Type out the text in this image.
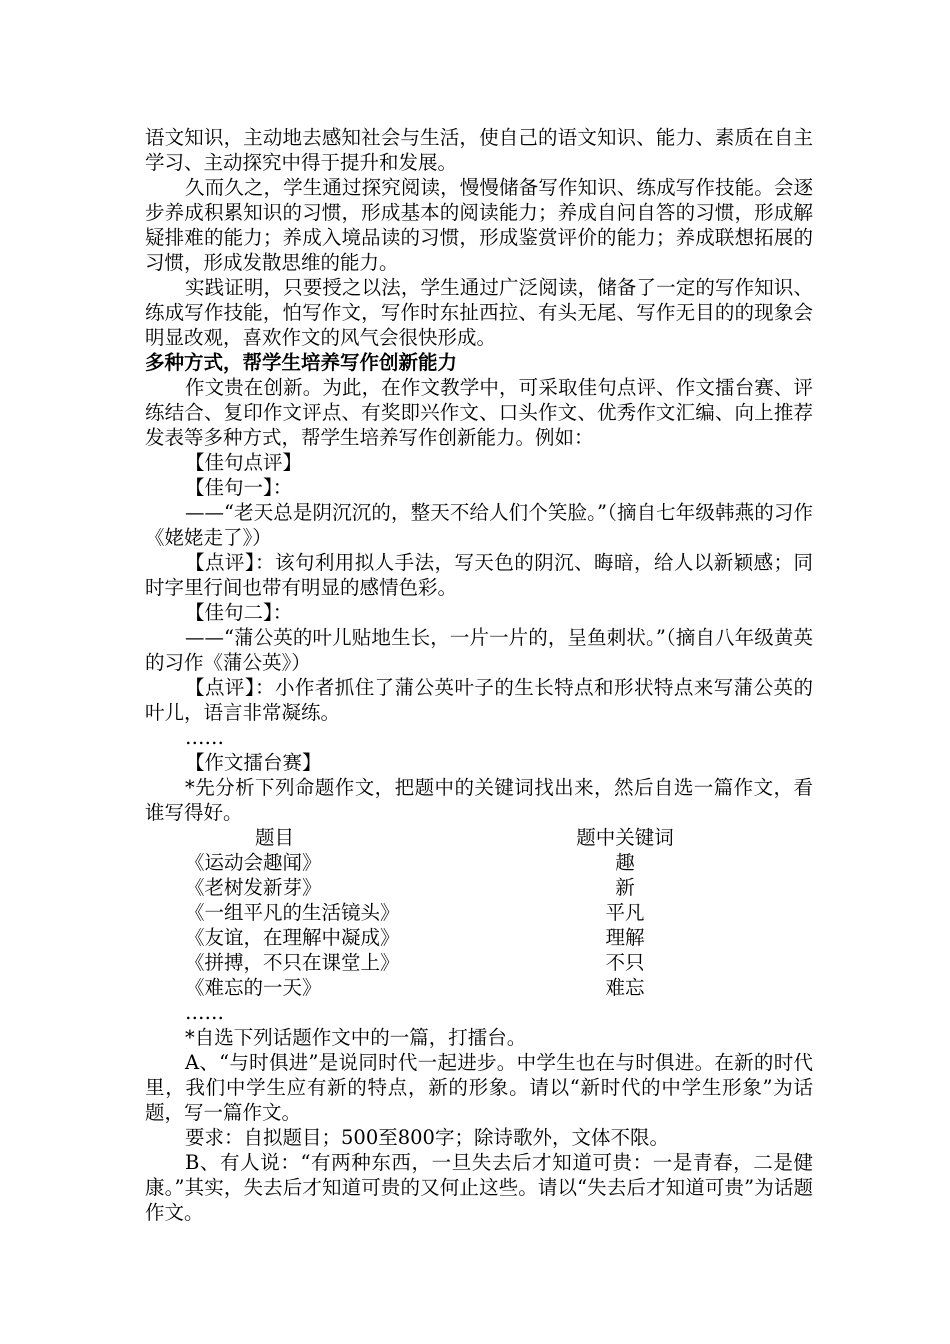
语文知识，主动地去感知社会与生活，使自己的语文知识、能力、素质在自主学习、主动探究中得于提升和发展。

久而久之，学生通过探究阅读，慢慢储备写作知识、练成写作技能。会逐步养成积累知识的习惯，形成基本的阅读能力；养成自问自答的习惯，形成解疑排难的能力；养成入境品读的习惯，形成鉴赏评价的能力；养成联想拓展的习惯，形成发散思维的能力。

实践证明，只要授之以法，学生通过广泛阅读，储备了一定的写作知识、练成写作技能，怕写作文，写作时东扯西拉、有头无尾、写作无目的的现象会明显改观，喜欢作文的风气会很快形成。

多种方式，帮学生培养写作创新能力

作文贵在创新。为此，在作文教学中，可采取佳句点评、作文擂台赛、评练结合、复印作文评点、有奖即兴作文、口头作文、优秀作文汇编、向上推荐发表等多种方式，帮学生培养写作创新能力。例如：

【佳句点评】

【佳句一】：

——“老天总是阴沉沉的，整天不给人们个笑脸。”（摘自七年级韩燕的习作《姥姥走了》）

【点评】：该句利用拟人手法，写天色的阴沉、晦暗，给人以新颖感；同时字里行间也带有明显的感情色彩。

【佳句二】：

——“蒲公英的叶儿贴地生长，一片一片的，呈鱼刺状。”（摘自八年级黄英的习作《蒲公英》）

【点评】：小作者抓住了蒲公英叶子的生长特点和形状特点来写蒲公英的叶儿，语言非常凝练。

……

【作文擂台赛】

*先分析下列命题作文，把题中的关键词找出来，然后自选一篇作文，看谁写得好。

题目	题中关键词
《运动会趣闻》	趣
《老树发新芽》	新
《一组平凡的生活镜头》	平凡
《友谊，在理解中凝成》	理解
《拼搏，不只在课堂上》	不只
《难忘的一天》	难忘

……

*自选下列话题作文中的一篇，打擂台。

A、“与时俱进”是说同时代一起进步。中学生也在与时俱进。在新的时代里，我们中学生应有新的特点，新的形象。请以“新时代的中学生形象”为话题，写一篇作文。

要求：自拟题目；500至800字；除诗歌外，文体不限。

B、有人说：“有两种东西，一旦失去后才知道可贵：一是青春，二是健康。”其实，失去后才知道可贵的又何止这些。请以“失去后才知道可贵”为话题作文。
